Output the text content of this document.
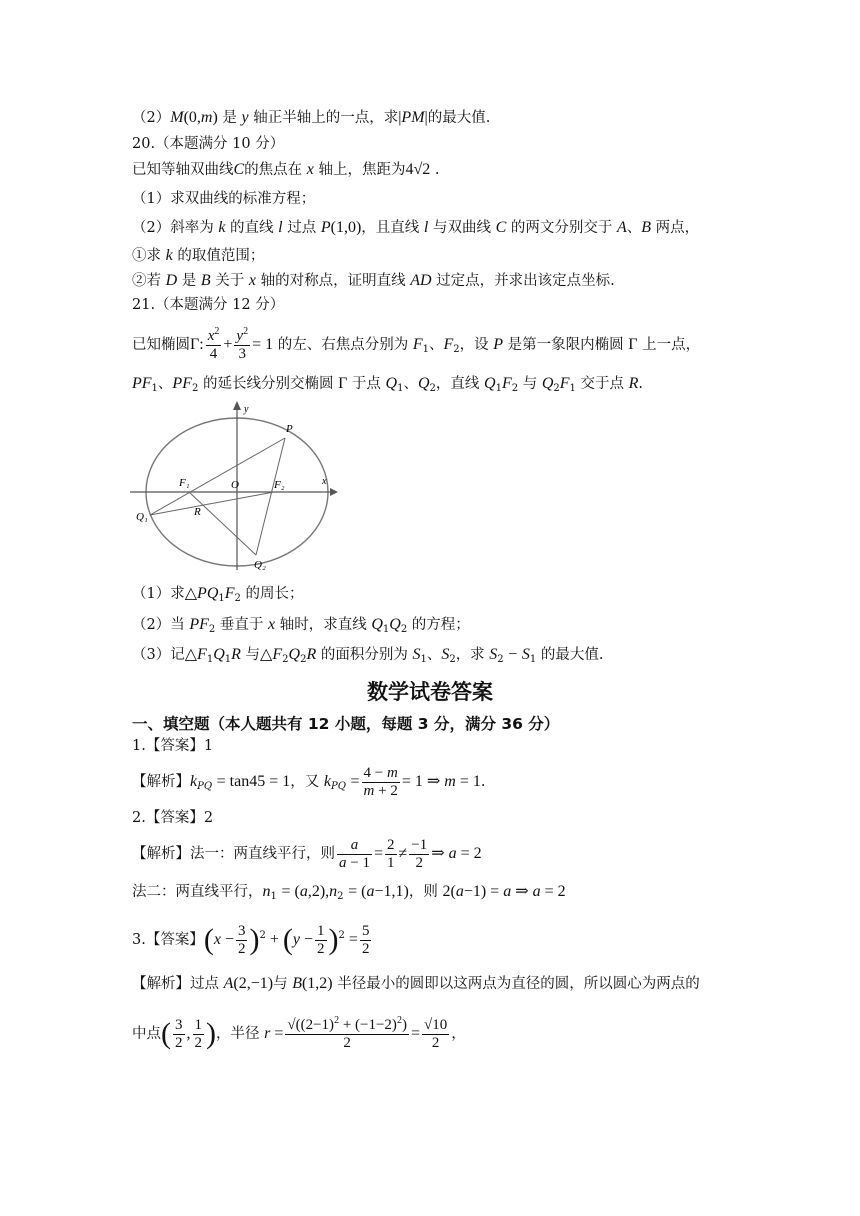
（2）M(0,m) 是 y 轴正半轴上的一点，求|PM|的最大值.
20.（本题满分 10 分）
已知等轴双曲线C的焦点在 x 轴上，焦距为4√2 .
（1）求双曲线的标准方程；
（2）斜率为 k 的直线 l 过点 P(1,0)，且直线 l 与双曲线 C 的两文分别交于 A、B 两点，
①求 k 的取值范围；
②若 D 是 B 关于 x 轴的对称点，证明直线 AD 过定点，并求出该定点坐标.
21.（本题满分 12 分）
已知椭圆Γ: $\frac{x^2}{4} + \frac{y^2}{3} = 1$ 的左、右焦点分别为 $F_1$、$F_2$，设 P 是第一象限内椭圆 Γ 上一点，
$PF_1$、$PF_2$ 的延长线分别交椭圆 Γ 于点 $Q_1$、$Q_2$，直线 $Q_1F_2$ 与 $Q_2F_1$ 交于点 R.
y
x
O
P
F₁	F₂
Q₁	R
Q₂
（1）求$\triangle PQ_1F_2$ 的周长；
（2）当 $PF_2$ 垂直于 x 轴时，求直线 $Q_1Q_2$ 的方程；
（3）记$\triangle F_1Q_1R$ 与$\triangle F_2Q_2R$ 的面积分别为 $S_1$、$S_2$，求 $S_2 - S_1$ 的最大值.
数学试卷答案
一、填空题（本人题共有 12 小题，每题 3 分，满分 36 分）
1.【答案】1
【解析】$k_{PQ} = \tan 45 = 1$，又 $k_{PQ} = \frac{4 - m}{m + 2} = 1$ ⇒ m = 1.
2.【答案】2
【解析】法一：两直线平行，则 $\frac{a}{a - 1} = \frac{2}{1} \ne \frac{-1}{2}$ ⇒ a = 2
法二：两直线平行，$n_1 = (a,2),n_2 = (a-1,1)$，则 2(a−1) = a ⇒ a = 2
3.【答案】$(x - \frac{3}{2} )^2 + (y - \frac{1}{2} )^2 = \frac{5}{2}$
【解析】过点 A(2,−1)与 B(1,2) 半径最小的圆即以这两点为直径的圆，所以圆心为两点的
中点( $\frac{3}{2}$ , $\frac{1}{2}$ )，半径 $r = \frac{√((2-1)^2 + (-1-2)^2)}{2} = \frac{√10}{2}$ ，
